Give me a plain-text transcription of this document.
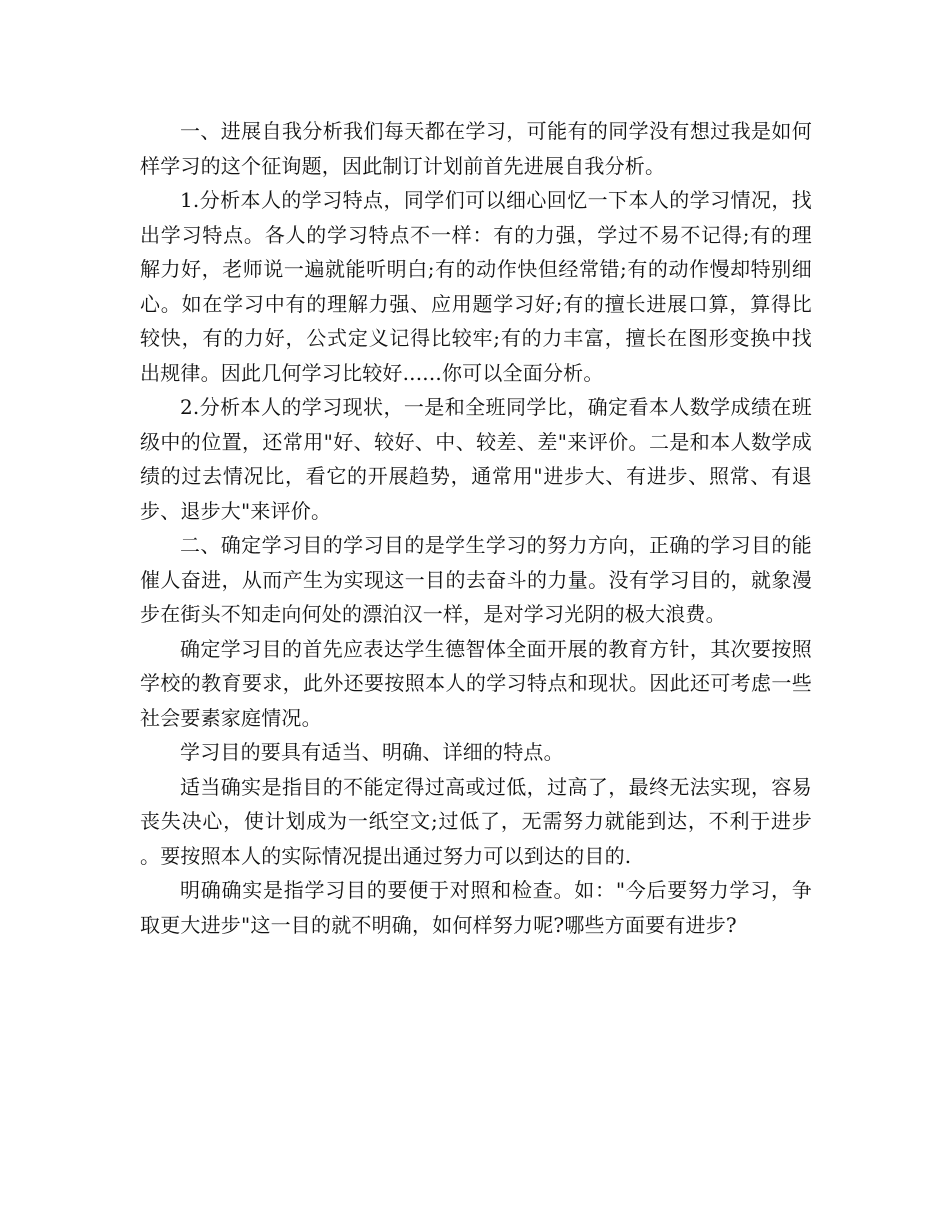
一、进展自我分析我们每天都在学习，可能有的同学没有想过我是如何样学习的这个征询题，因此制订计划前首先进展自我分析。

1.分析本人的学习特点，同学们可以细心回忆一下本人的学习情况，找出学习特点。各人的学习特点不一样：有的力强，学过不易不记得;有的理解力好，老师说一遍就能听明白;有的动作快但经常错;有的动作慢却特别细心。如在学习中有的理解力强、应用题学习好;有的擅长进展口算，算得比较快，有的力好，公式定义记得比较牢;有的力丰富，擅长在图形变换中找出规律。因此几何学习比较好......你可以全面分析。

2.分析本人的学习现状，一是和全班同学比，确定看本人数学成绩在班级中的位置，还常用"好、较好、中、较差、差"来评价。二是和本人数学成绩的过去情况比，看它的开展趋势，通常用"进步大、有进步、照常、有退步、退步大"来评价。

二、确定学习目的学习目的是学生学习的努力方向，正确的学习目的能催人奋进，从而产生为实现这一目的去奋斗的力量。没有学习目的，就象漫步在街头不知走向何处的漂泊汉一样，是对学习光阴的极大浪费。

确定学习目的首先应表达学生德智体全面开展的教育方针，其次要按照学校的教育要求，此外还要按照本人的学习特点和现状。因此还可考虑一些社会要素家庭情况。

学习目的要具有适当、明确、详细的特点。

适当确实是指目的不能定得过高或过低，过高了，最终无法实现，容易丧失决心，使计划成为一纸空文;过低了，无需努力就能到达，不利于进步。要按照本人的实际情况提出通过努力可以到达的目的.

明确确实是指学习目的要便于对照和检查。如："今后要努力学习，争取更大进步"这一目的就不明确，如何样努力呢?哪些方面要有进步?
